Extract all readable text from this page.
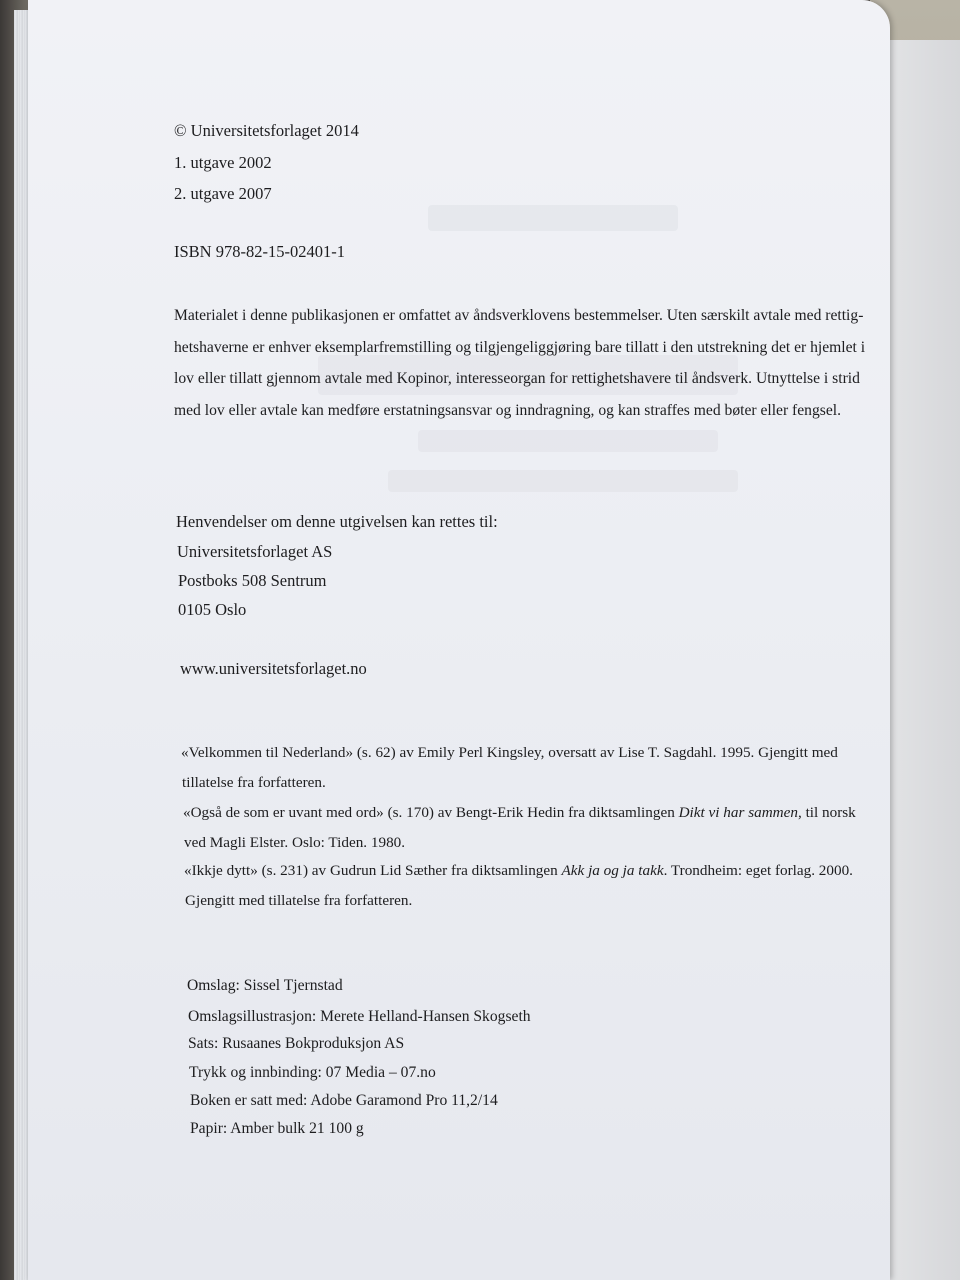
© Universitetsforlaget 2014
1. utgave 2002
2. utgave 2007
ISBN 978-82-15-02401-1
Materialet i denne publikasjonen er omfattet av åndsverklovens bestemmelser. Uten særskilt avtale med rettig-
hetshaverne er enhver eksemplarfremstilling og tilgjengeliggjøring bare tillatt i den utstrekning det er hjemlet i
lov eller tillatt gjennom avtale med Kopinor, interesseorgan for rettighetshavere til åndsverk. Utnyttelse i strid
med lov eller avtale kan medføre erstatningsansvar og inndragning, og kan straffes med bøter eller fengsel.
Henvendelser om denne utgivelsen kan rettes til:
Universitetsforlaget AS
Postboks 508 Sentrum
0105 Oslo
www.universitetsforlaget.no
«Velkommen til Nederland» (s. 62) av Emily Perl Kingsley, oversatt av Lise T. Sagdahl. 1995. Gjengitt med
tillatelse fra forfatteren.
«Også de som er uvant med ord» (s. 170) av Bengt-Erik Hedin fra diktsamlingen Dikt vi har sammen, til norsk
ved Magli Elster. Oslo: Tiden. 1980.
«Ikkje dytt» (s. 231) av Gudrun Lid Sæther fra diktsamlingen Akk ja og ja takk. Trondheim: eget forlag. 2000.
Gjengitt med tillatelse fra forfatteren.
Omslag: Sissel Tjernstad
Omslagsillustrasjon: Merete Helland-Hansen Skogseth
Sats: Rusaanes Bokproduksjon AS
Trykk og innbinding: 07 Media – 07.no
Boken er satt med: Adobe Garamond Pro 11,2/14
Papir: Amber bulk 21 100 g
